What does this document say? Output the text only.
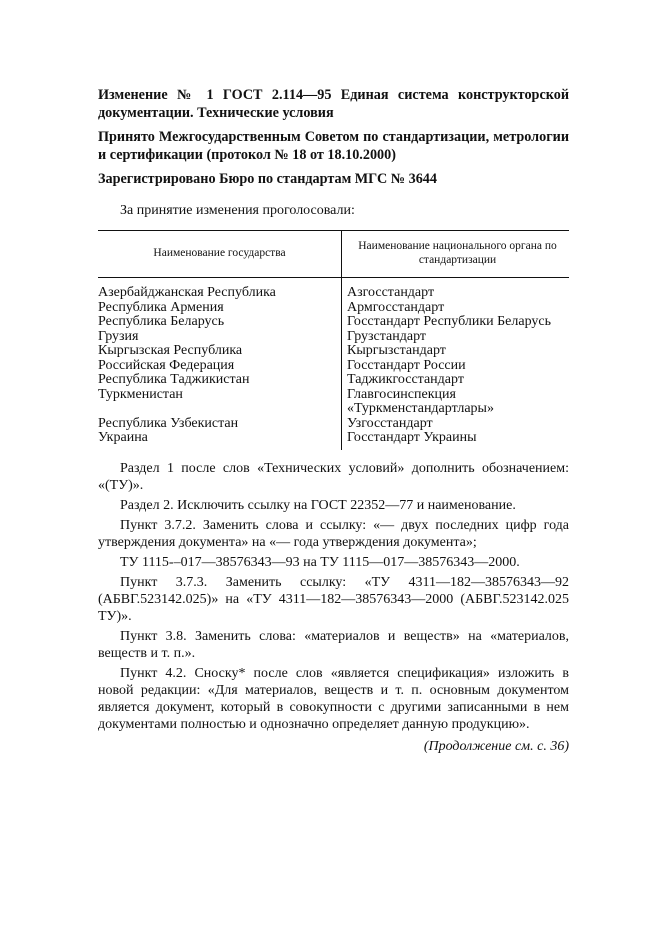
Изменение № 1 ГОСТ 2.114—95 Единая система конструкторской документации. Технические условия

Принято Межгосударственным Советом по стандартизации, метрологии и сертификации (протокол № 18 от 18.10.2000)

Зарегистрировано Бюро по стандартам МГС № 3644

За принятие изменения проголосовали:

Наименование государства	Наименование национального органа по стандартизации
Азербайджанская Республика	Азгосстандарт
Республика Армения	Армгосстандарт
Республика Беларусь	Госстандарт Республики Беларусь
Грузия	Грузстандарт
Кыргызская Республика	Кыргызстандарт
Российская Федерация	Госстандарт России
Республика Таджикистан	Таджикгосстандарт
Туркменистан	Главгосинспекция «Туркменстандартлары»
Республика Узбекистан	Узгосстандарт
Украина	Госстандарт Украины

Раздел 1 после слов «Технических условий» дополнить обозначением: «(ТУ)».

Раздел 2. Исключить ссылку на ГОСТ 22352—77 и наименование.

Пункт 3.7.2. Заменить слова и ссылку: «— двух последних цифр года утверждения документа» на «— года утверждения документа»;

ТУ 1115-–017—38576343—93 на ТУ 1115—017—38576343—2000.

Пункт 3.7.3. Заменить ссылку: «ТУ 4311—182—38576343—92 (АБВГ.523142.025)» на «ТУ 4311—182—38576343—2000 (АБВГ.523142.025 ТУ)».

Пункт 3.8. Заменить слова: «материалов и веществ» на «материалов, веществ и т. п.».

Пункт 4.2. Сноску* после слов «является спецификация» изложить в новой редакции: «Для материалов, веществ и т. п. основным документом является документ, который в совокупности с другими записанными в нем документами полностью и однозначно определяет данную продукцию».

(Продолжение см. с. 36)
